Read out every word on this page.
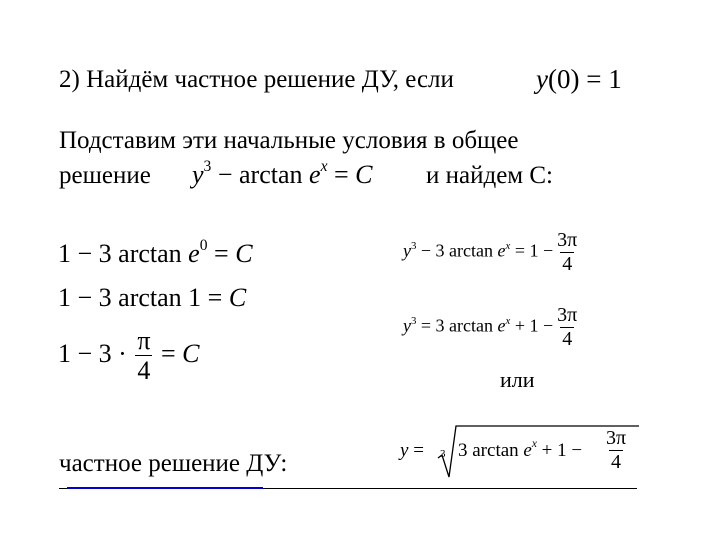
2) Найдём частное решение ДУ, если	y(0) = 1
Подставим эти начальные условия в общее
решение $y^3 - \arctan e^x = C$ и найдем С:
1 − 3 $\arctan e^0 = C$
1 − 3 arctan 1 = C
$1 - 3 \cdot \frac{\pi}{4} = C$
$y^3 - 3$ $\arctan e^x = 1 - \frac{3\pi}{4}$
$y^3 = 3$ $\arctan e^x + 1 - \frac{3\pi}{4}$
или
частное решение ДУ:	y = 3 3 $\arctan e^x + 1 - \frac{3\pi}{4}$
